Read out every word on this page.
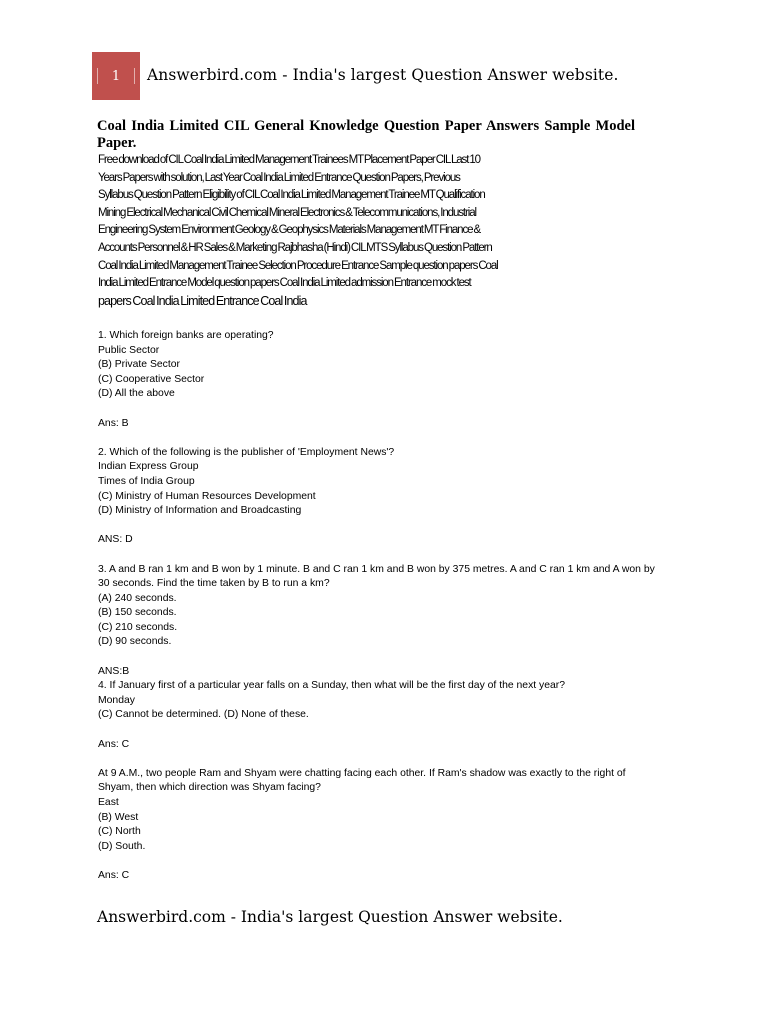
1 Answerbird.com - India's largest Question Answer website.
Coal India Limited CIL General Knowledge Question Paper Answers Sample Model Paper.
Free download of CIL Coal India Limited Management Trainees MT Placement Paper CIL Last 10
Years Papers with solution, Last Year Coal India Limited Entrance Question Papers, Previous
Syllabus Question Pattern Eligibility of CIL Coal India Limited Management Trainee MT Qualification
Mining Electrical Mechanical Civil Chemical Mineral Electronics & Telecommunications, Industrial
Engineering System Environment Geology & Geophysics Materials Management MT Finance &
Accounts Personnel & HR Sales & Marketing Rajbhasha (Hindi) CIL MTS Syllabus Question Pattern
Coal India Limited Management Trainee Selection Procedure Entrance Sample question papers Coal
India Limited Entrance Model question papers Coal India Limited admission Entrance mock test
papers Coal India Limited Entrance Coal India
1. Which foreign banks are operating?
Public Sector
(B) Private Sector
(C) Cooperative Sector
(D) All the above
Ans: B
2. Which of the following is the publisher of 'Employment News'?
Indian Express Group
Times of India Group
(C) Ministry of Human Resources Development
(D) Ministry of Information and Broadcasting
ANS: D
3. A and B ran 1 km and B won by 1 minute. B and C ran 1 km and B won by 375 metres. A and C ran 1 km and A won by 30 seconds. Find the time taken by B to run a km?
(A) 240 seconds.
(B) 150 seconds.
(C) 210 seconds.
(D) 90 seconds.
ANS:B
4. If January first of a particular year falls on a Sunday, then what will be the first day of the next year?
Monday
(C) Cannot be determined. (D) None of these.
Ans: C
At 9 A.M., two people Ram and Shyam were chatting facing each other. If Ram's shadow was exactly to the right of Shyam, then which direction was Shyam facing?
East
(B) West
(C) North
(D) South.
Ans: C
Answerbird.com - India's largest Question Answer website.
